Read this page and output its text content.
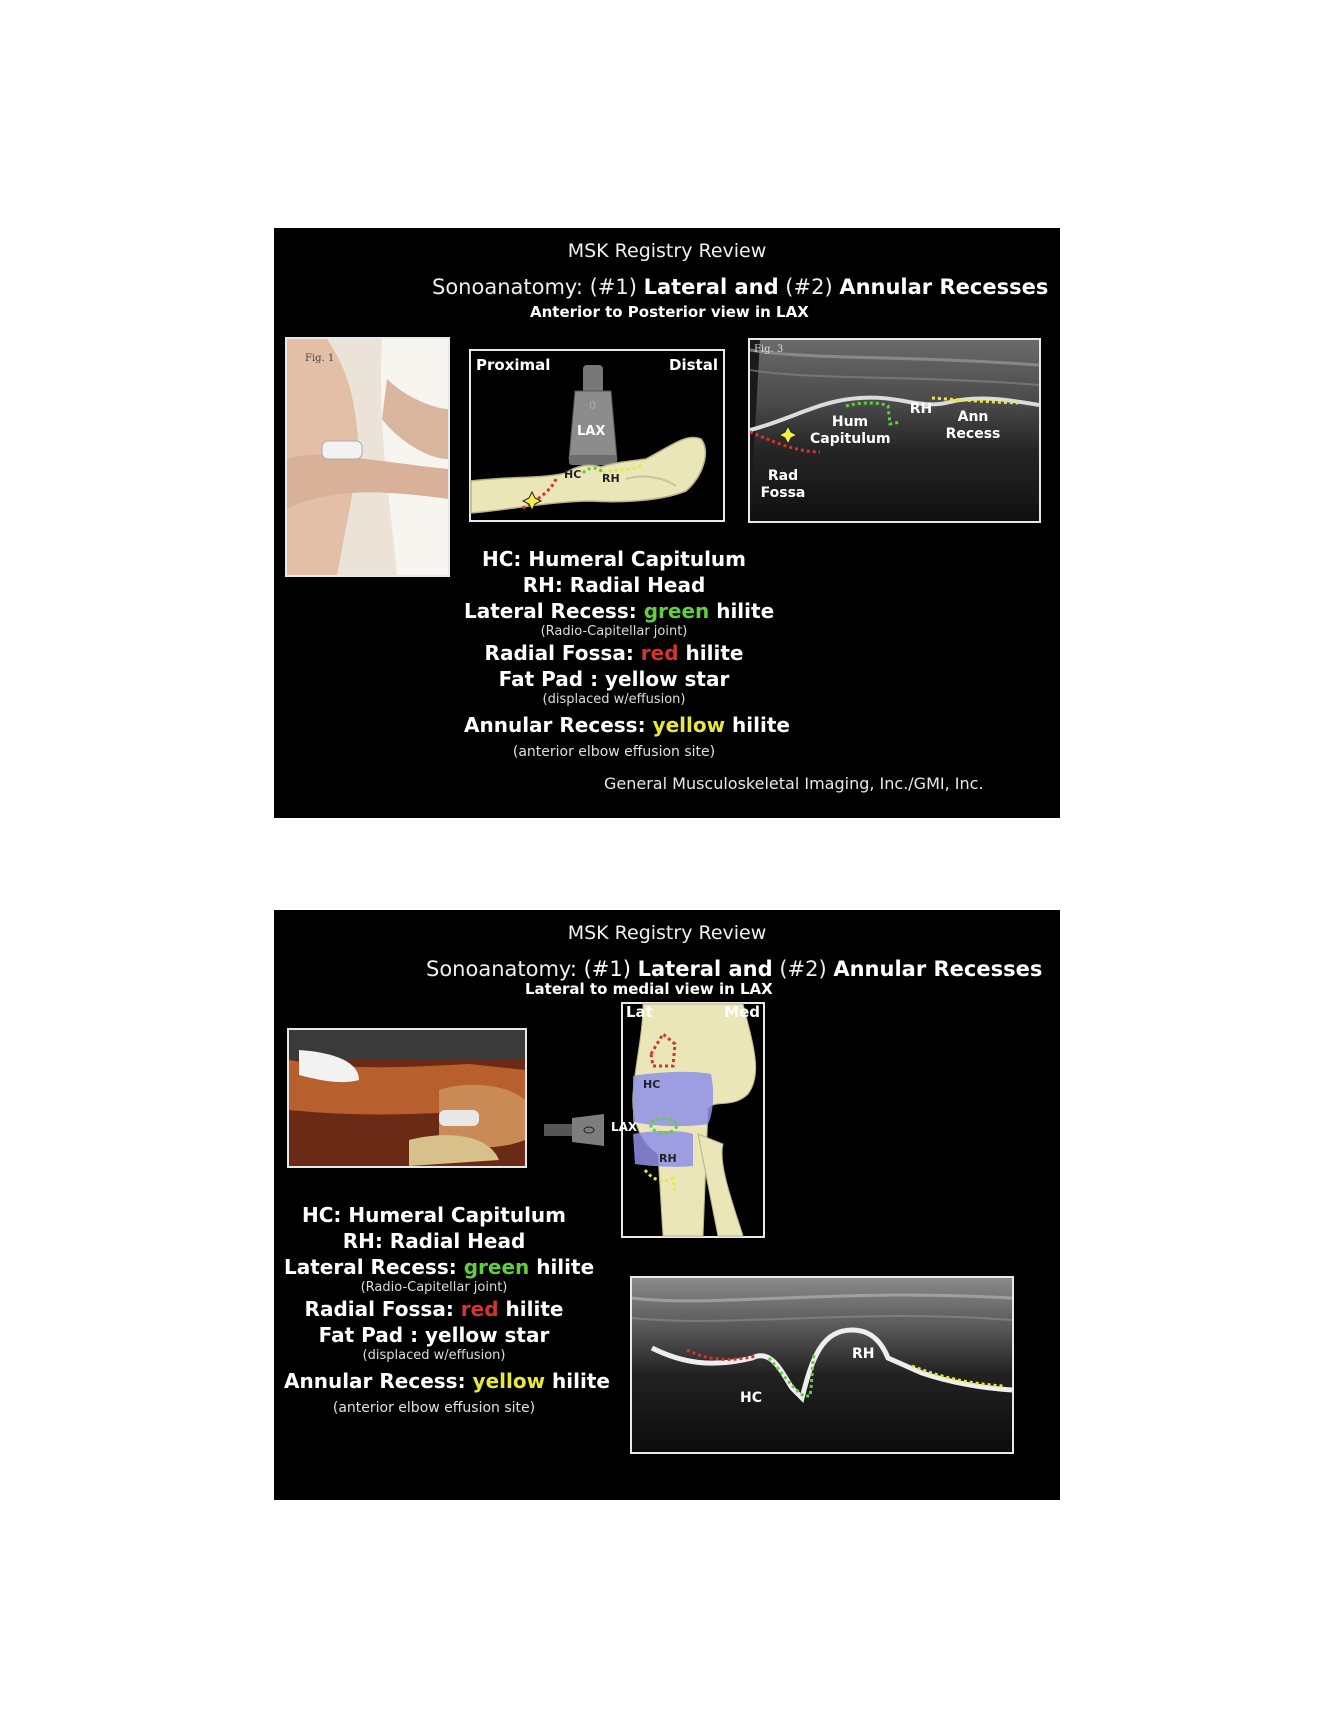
MSK Registry Review
Sonoanatomy: (#1) Lateral and (#2) Annular Recesses
Anterior to Posterior view in LAX
Fig. 1	Proximal	Distal
0
LAX
HC RH
Fig. 3
Hum
Capitulum
RH	Ann
Recess
Rad
Fossa
HC: Humeral Capitulum
RH: Radial Head
Lateral Recess: green hilite
(Radio-Capitellar joint)
Radial Fossa: red hilite
Fat Pad : yellow star
(displaced w/effusion)
Annular Recess: yellow hilite
(anterior elbow effusion site)
General Musculoskeletal Imaging, Inc./GMI, Inc.
MSK Registry Review
Sonoanatomy: (#1) Lateral and (#2) Annular Recesses
Lateral to medial view in LAX
Lat	Med
HC
RH
LAX
HC
RH
HC: Humeral Capitulum
RH: Radial Head
Lateral Recess: green hilite
(Radio-Capitellar joint)
Radial Fossa: red hilite
Fat Pad : yellow star
(displaced w/effusion)
Annular Recess: yellow hilite
(anterior elbow effusion site)
